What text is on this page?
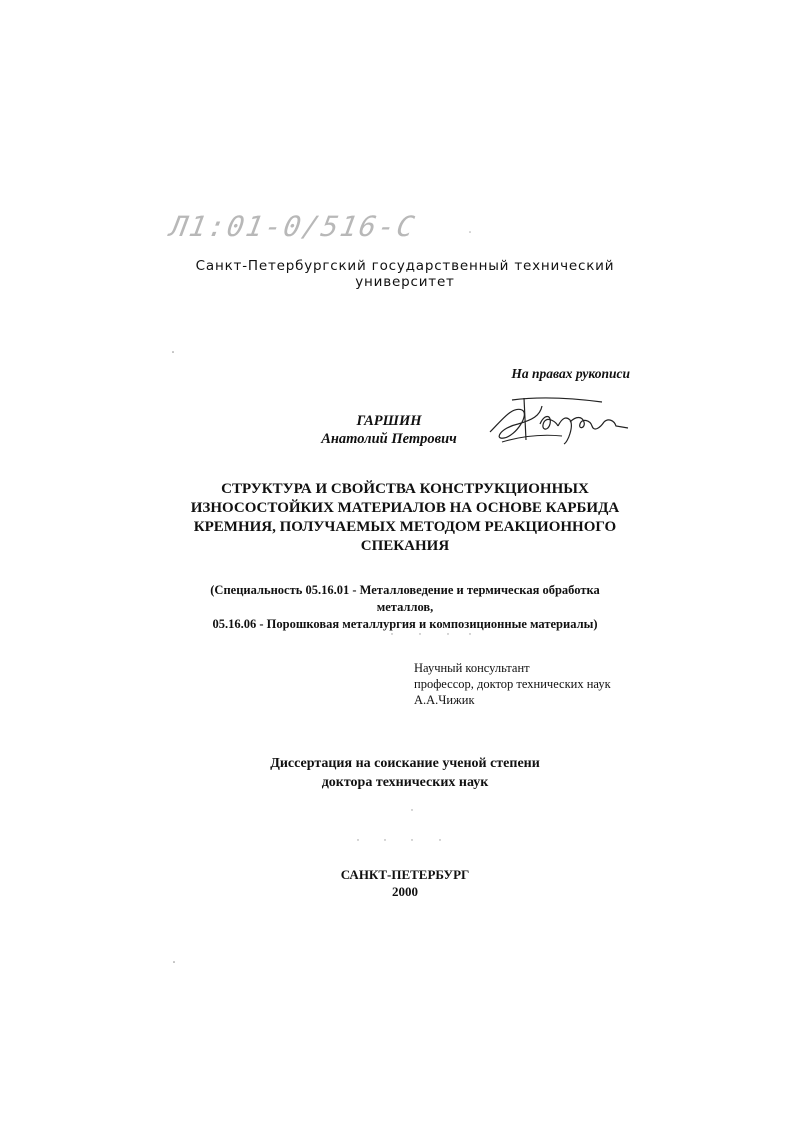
Л1:01-0/516-С
Санкт-Петербургский государственный технический
университет
На правах рукописи
ГАРШИН
Анатолий Петрович
СТРУКТУРА И СВОЙСТВА КОНСТРУКЦИОННЫХ
ИЗНОСОСТОЙКИХ МАТЕРИАЛОВ НА ОСНОВЕ КАРБИДА
КРЕМНИЯ, ПОЛУЧАЕМЫХ МЕТОДОМ РЕАКЦИОННОГО
СПЕКАНИЯ
(Специальность 05.16.01 - Металловедение и термическая обработка
металлов,
05.16.06 - Порошковая металлургия и композиционные материалы)
Научный консультант
профессор, доктор технических наук
А.А.Чижик
Диссертация на соискание ученой степени
доктора технических наук
САНКТ-ПЕТЕРБУРГ
2000
